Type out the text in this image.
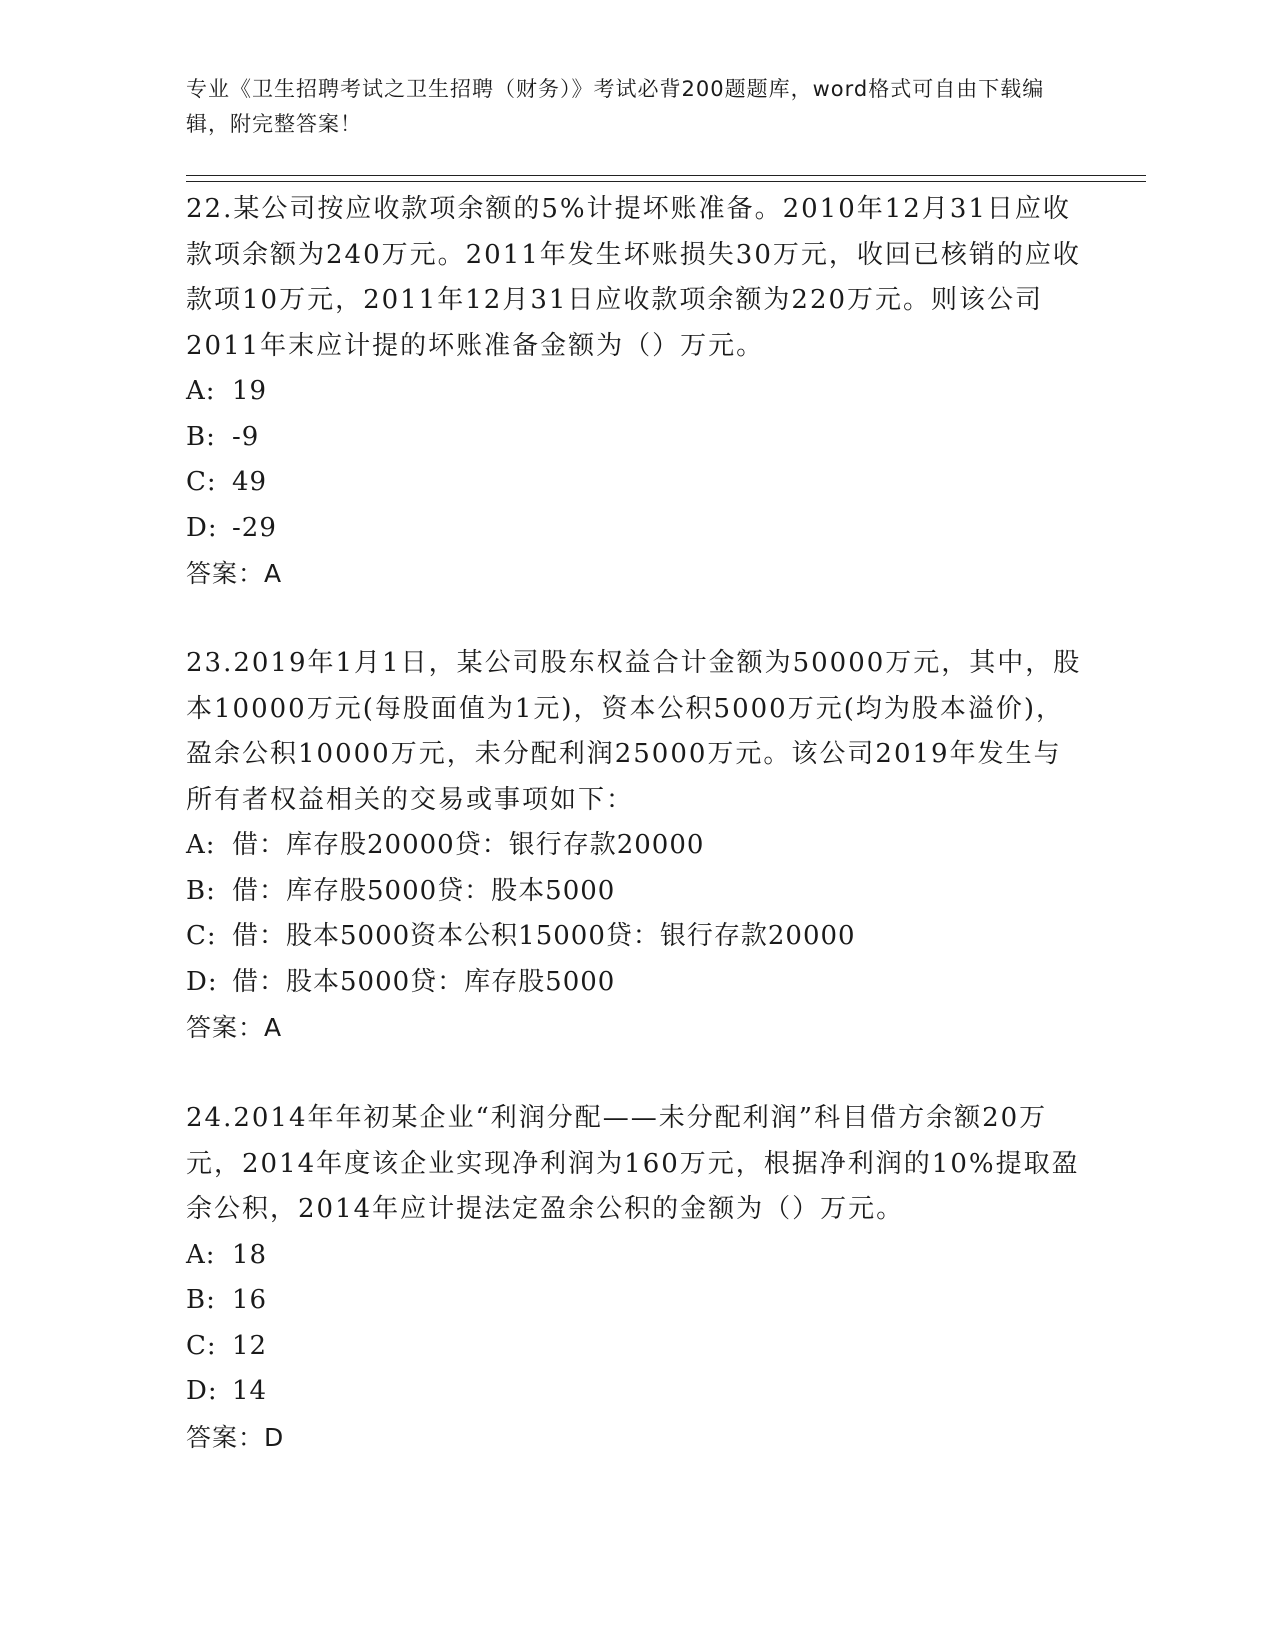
专业《卫生招聘考试之卫生招聘（财务）》考试必背200题题库，word格式可自由下载编辑，附完整答案！

22.某公司按应收款项余额的5%计提坏账准备。2010年12月31日应收款项余额为240万元。2011年发生坏账损失30万元，收回已核销的应收款项10万元，2011年12月31日应收款项余额为220万元。则该公司2011年末应计提的坏账准备金额为（）万元。

A: 19

B: -9

C: 49

D: -29

答案：A

23.2019年1月1日，某公司股东权益合计金额为50000万元，其中，股本10000万元(每股面值为1元)，资本公积5000万元(均为股本溢价)，盈余公积10000万元，未分配利润25000万元。该公司2019年发生与所有者权益相关的交易或事项如下：

A: 借：库存股20000贷：银行存款20000

B: 借：库存股5000贷：股本5000

C: 借：股本5000资本公积15000贷：银行存款20000

D: 借：股本5000贷：库存股5000

答案：A

24.2014年年初某企业“利润分配——未分配利润”科目借方余额20万元，2014年度该企业实现净利润为160万元，根据净利润的10%提取盈余公积，2014年应计提法定盈余公积的金额为（）万元。

A: 18

B: 16

C: 12

D: 14

答案：D
